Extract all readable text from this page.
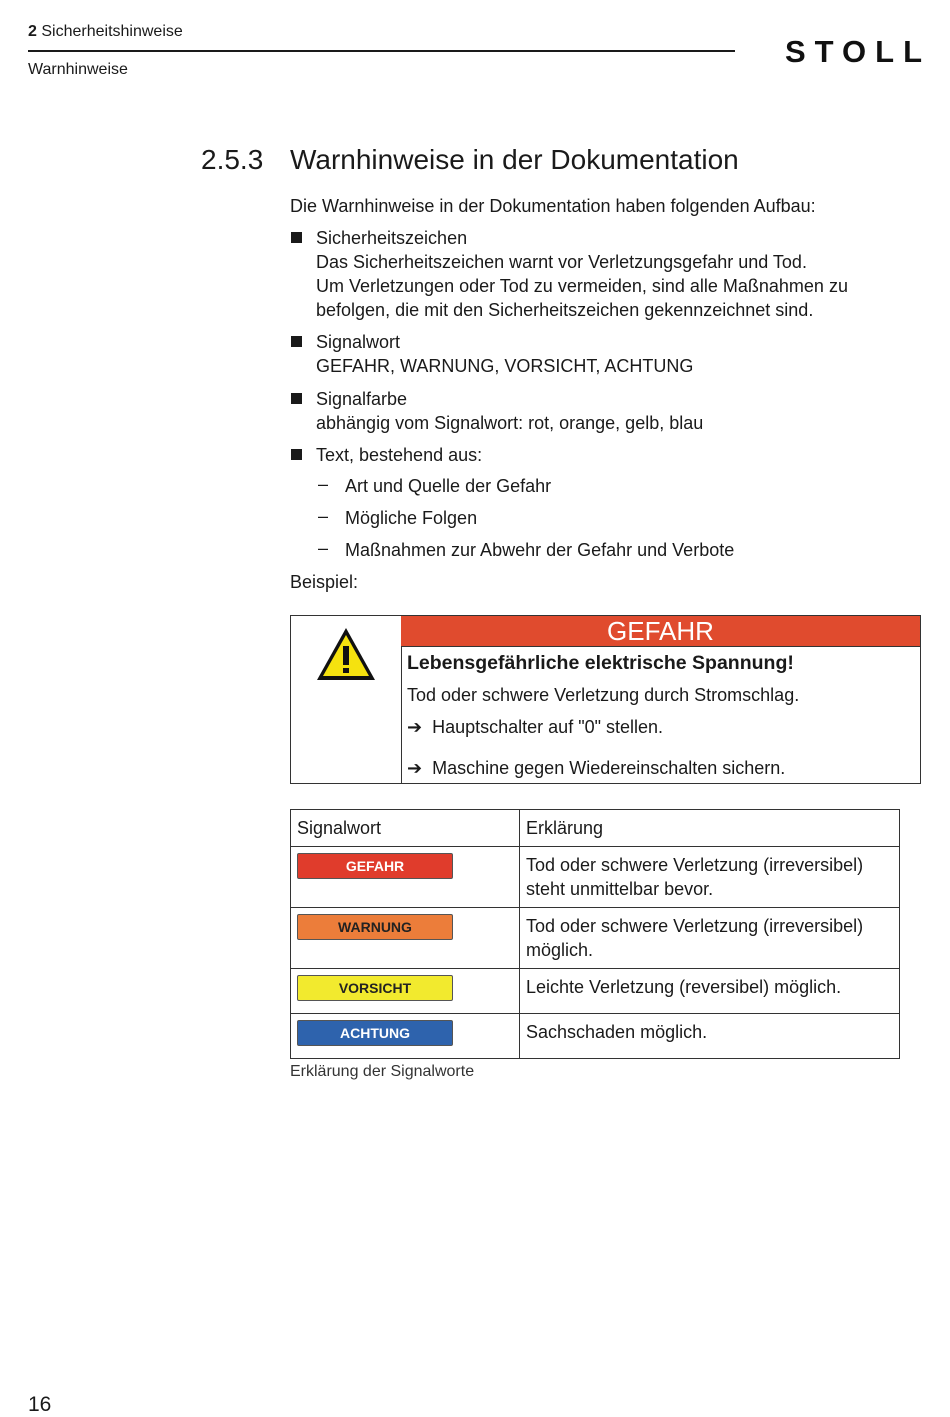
2 Sicherheitshinweise
Warnhinweise
STOLL
2.5.3 Warnhinweise in der Dokumentation
Die Warnhinweise in der Dokumentation haben folgenden Aufbau:
Sicherheitszeichen
Das Sicherheitszeichen warnt vor Verletzungsgefahr und Tod.
Um Verletzungen oder Tod zu vermeiden, sind alle Maßnahmen zu
befolgen, die mit den Sicherheitszeichen gekennzeichnet sind.
Signalwort
GEFAHR, WARNUNG, VORSICHT, ACHTUNG
Signalfarbe
abhängig vom Signalwort: rot, orange, gelb, blau
Text, bestehend aus:
– Art und Quelle der Gefahr
– Mögliche Folgen
– Maßnahmen zur Abwehr der Gefahr und Verbote
Beispiel:
GEFAHR
Lebensgefährliche elektrische Spannung!
Tod oder schwere Verletzung durch Stromschlag.
➔ Hauptschalter auf "0" stellen.
➔ Maschine gegen Wiedereinschalten sichern.
Signalwort	Erklärung

GEFAHR	Tod oder schwere Verletzung (irreversibel)
steht unmittelbar bevor.

WARNUNG	Tod oder schwere Verletzung (irreversibel)
möglich.

VORSICHT	Leichte Verletzung (reversibel) möglich.

ACHTUNG	Sachschaden möglich.
Erklärung der Signalworte
16
